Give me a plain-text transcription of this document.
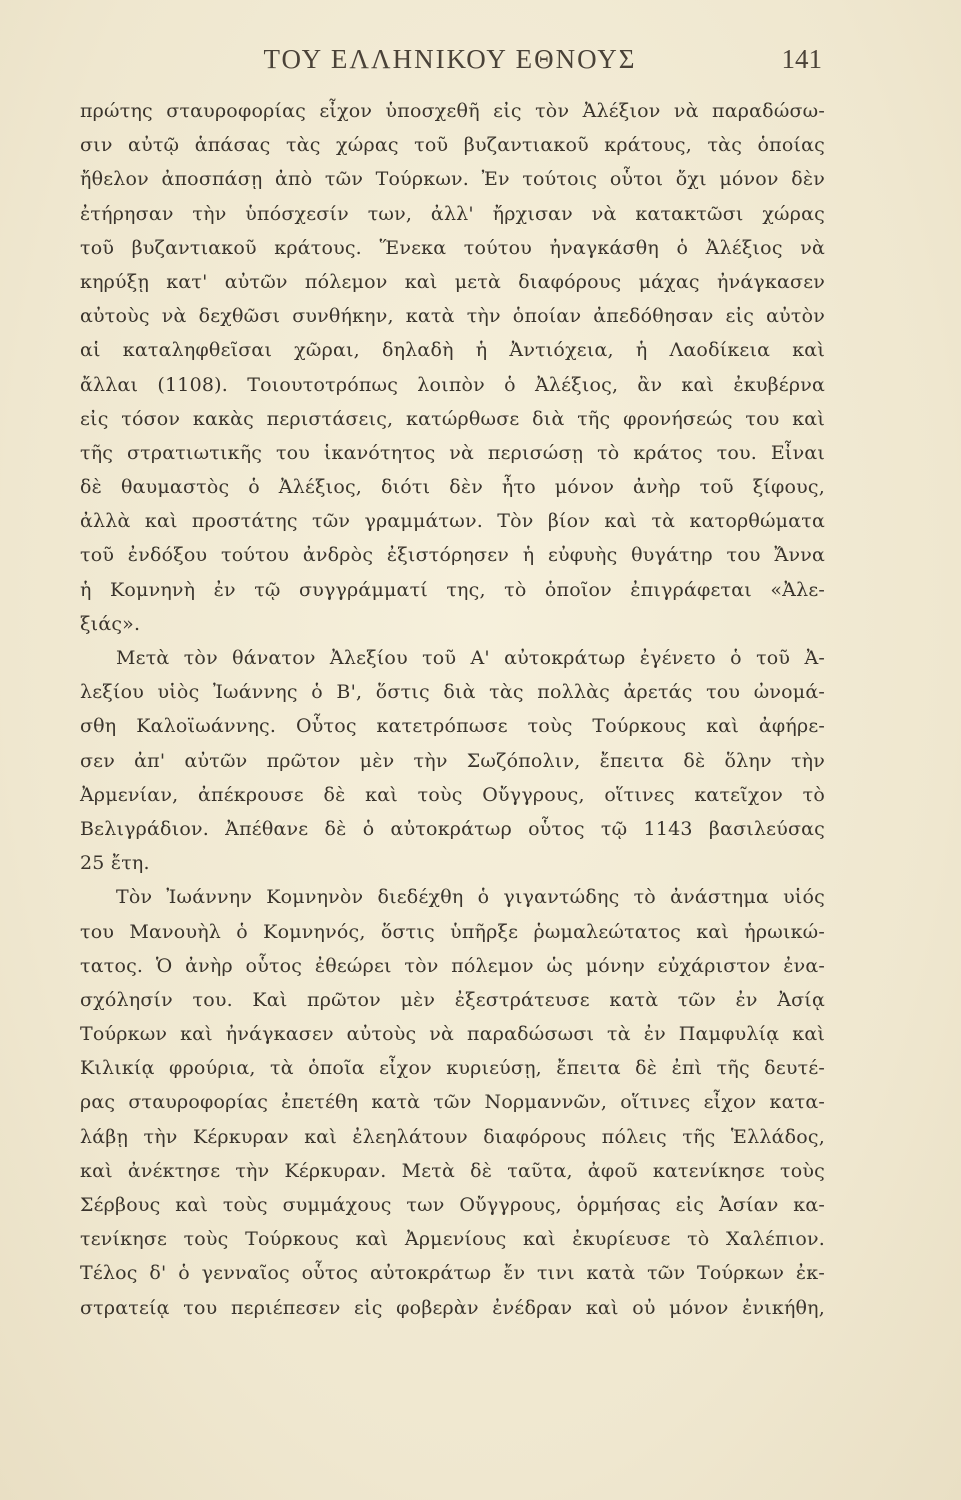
ΤΟΥ ΕΛΛΗΝΙΚΟΥ ΕΘΝΟΥΣ	141
πρώτης σταυροφορίας εἶχον ὑποσχεθῆ εἰς τὸν Ἀλέξιον νὰ παραδώσω-
σιν αὐτῷ ἁπάσας τὰς χώρας τοῦ βυζαντιακοῦ κράτους, τὰς ὁποίας
ἤθελον ἀποσπάσῃ ἀπὸ τῶν Τούρκων. Ἐν τούτοις οὗτοι ὄχι μόνον δὲν
ἐτήρησαν τὴν ὑπόσχεσίν των, ἀλλ' ἤρχισαν νὰ κατακτῶσι χώρας
τοῦ βυζαντιακοῦ κράτους. Ἕνεκα τούτου ἠναγκάσθη ὁ Ἀλέξιος νὰ
κηρύξῃ κατ' αὐτῶν πόλεμον καὶ μετὰ διαφόρους μάχας ἠνάγκασεν
αὐτοὺς νὰ δεχθῶσι συνθήκην, κατὰ τὴν ὁποίαν ἀπεδόθησαν εἰς αὐτὸν
αἱ καταληφθεῖσαι χῶραι, δηλαδὴ ἡ Ἀντιόχεια, ἡ Λαοδίκεια καὶ
ἄλλαι (1108). Τοιουτοτρόπως λοιπὸν ὁ Ἀλέξιος, ἂν καὶ ἐκυβέρνα
εἰς τόσον κακὰς περιστάσεις, κατώρθωσε διὰ τῆς φρονήσεώς του καὶ
τῆς στρατιωτικῆς του ἱκανότητος νὰ περισώσῃ τὸ κράτος του. Εἶναι
δὲ θαυμαστὸς ὁ Ἀλέξιος, διότι δὲν ἦτο μόνον ἀνὴρ τοῦ ξίφους,
ἀλλὰ καὶ προστάτης τῶν γραμμάτων. Τὸν βίον καὶ τὰ κατορθώματα
τοῦ ἐνδόξου τούτου ἀνδρὸς ἐξιστόρησεν ἡ εὐφυὴς θυγάτηρ του Ἄννα
ἡ Κομνηνὴ ἐν τῷ συγγράμματί της, τὸ ὁποῖον ἐπιγράφεται «Ἀλε-
ξιάς».
Μετὰ τὸν θάνατον Ἀλεξίου τοῦ Α' αὐτοκράτωρ ἐγένετο ὁ τοῦ Ἀ-
λεξίου υἱὸς Ἰωάννης ὁ Β', ὅστις διὰ τὰς πολλὰς ἀρετάς του ὠνομά-
σθη Καλοϊωάννης. Οὗτος κατετρόπωσε τοὺς Τούρκους καὶ ἀφήρε-
σεν ἀπ' αὐτῶν πρῶτον μὲν τὴν Σωζόπολιν, ἔπειτα δὲ ὅλην τὴν
Ἀρμενίαν, ἀπέκρουσε δὲ καὶ τοὺς Οὔγγρους, οἵτινες κατεῖχον τὸ
Βελιγράδιον. Ἀπέθανε δὲ ὁ αὐτοκράτωρ οὗτος τῷ 1143 βασιλεύσας
25 ἔτη.
Τὸν Ἰωάννην Κομνηνὸν διεδέχθη ὁ γιγαντώδης τὸ ἀνάστημα υἱός
του Μανουὴλ ὁ Κομνηνός, ὅστις ὑπῆρξε ῥωμαλεώτατος καὶ ἡρωικώ-
τατος. Ὁ ἀνὴρ οὗτος ἐθεώρει τὸν πόλεμον ὡς μόνην εὐχάριστον ἐνα-
σχόλησίν του. Καὶ πρῶτον μὲν ἐξεστράτευσε κατὰ τῶν ἐν Ἀσίᾳ
Τούρκων καὶ ἠνάγκασεν αὐτοὺς νὰ παραδώσωσι τὰ ἐν Παμφυλίᾳ καὶ
Κιλικίᾳ φρούρια, τὰ ὁποῖα εἶχον κυριεύσῃ, ἔπειτα δὲ ἐπὶ τῆς δευτέ-
ρας σταυροφορίας ἐπετέθη κατὰ τῶν Νορμαννῶν, οἵτινες εἶχον κατα-
λάβῃ τὴν Κέρκυραν καὶ ἐλεηλάτουν διαφόρους πόλεις τῆς Ἑλλάδος,
καὶ ἀνέκτησε τὴν Κέρκυραν. Μετὰ δὲ ταῦτα, ἀφοῦ κατενίκησε τοὺς
Σέρβους καὶ τοὺς συμμάχους των Οὔγγρους, ὁρμήσας εἰς Ἀσίαν κα-
τενίκησε τοὺς Τούρκους καὶ Ἀρμενίους καὶ ἐκυρίευσε τὸ Χαλέπιον.
Τέλος δ' ὁ γενναῖος οὗτος αὐτοκράτωρ ἔν τινι κατὰ τῶν Τούρκων ἐκ-
στρατείᾳ του περιέπεσεν εἰς φοβερὰν ἐνέδραν καὶ οὐ μόνον ἐνικήθη,
